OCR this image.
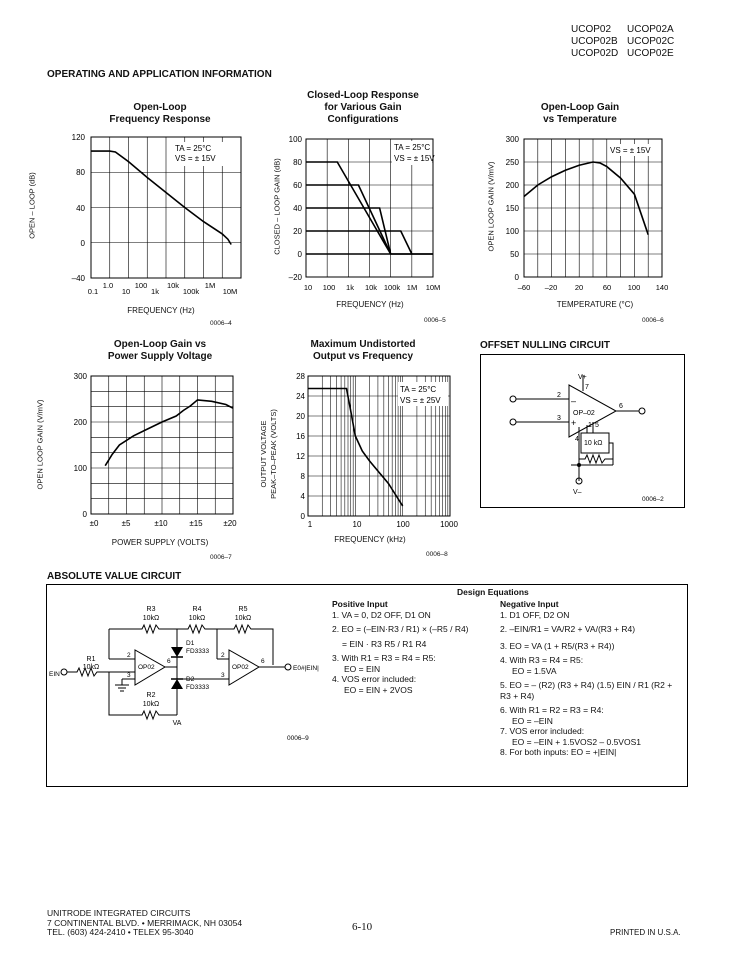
UCOP02 UCOP02A
UCOP02B UCOP02C
UCOP02D UCOP02E
OPERATING AND APPLICATION INFORMATION
Open-Loop
Frequency Response
OPEN – LOOP (dB)
TA = 25°C
VS = ± 15V
120
80
40
0
–40
0.1
1.0
10
100
1k
10k
100k
1M
10M
FREQUENCY (Hz)
0006–4
Closed-Loop Response
for Various Gain
Configurations
CLOSED – LOOP GAIN (dB)
TA = 25°C
VS = ± 15V
100
80
60
40
20
0
–20
10 100 1k 10k 100k 1M 10M
FREQUENCY (Hz)
0006–5
Open-Loop Gain
vs Temperature
OPEN LOOP GAIN (V/mV)
VS = ± 15V
300
250
200
150
100
50
0
–60 –20 20	60 100 140
TEMPERATURE (°C)
0006–6
Open-Loop Gain vs
Power Supply Voltage
OPEN LOOP GAIN (V/mV)
300
200
100
0
±0	±5	±10	±15	±20
POWER SUPPLY (VOLTS)
0006–7
Maximum Undistorted
Output vs Frequency
OUTPUT VOLTAGE PEAK–TO–PEAK (VOLTS)
TA = 25°C
VS = ± 25V
28
24
20
16
12
8
4
0
1	10	100	1000
FREQUENCY (kHz)
0006–8
OFFSET NULLING CIRCUIT
V+
V–
OP–02
–
+
2
3
7
6
4
1 5
10 kΩ
0006–2
ABSOLUTE VALUE CIRCUIT
R3
10kΩ
R4
10kΩ
R5
10kΩ
R1
10kΩ
R2
10kΩ
VA
D1
FD3333
D2
FD3333
OP02	OP02
2
3
6
2
3
6
EIN
E0#|EIN|
0006–9
Design Equations
Positive Input
1. VA = 0, D2 OFF, D1 ON
2. EO = (–EIN·R3 / R1) × (–R5 / R4)
= EIN · R3 R5 / R1 R4
3. With R1 = R3 = R4 = R5:
EO = EIN
4. VOS error included:
EO = EIN + 2VOS
Negative Input
1. D1 OFF, D2 ON
2. –EIN/R1 = VA/R2 + VA/(R3 + R4)
3. EO = VA (1 + R5/(R3 + R4))
4. With R3 = R4 = R5:
EO = 1.5VA
5. EO = – (R2) (R3 + R4) (1.5) EIN / R1 (R2 + R3 + R4)
6. With R1 = R2 = R3 = R4:
EO = –EIN
7. VOS error included:
EO = –EIN + 1.5VOS2 – 0.5VOS1
8. For both inputs: EO = +|EIN|
UNITRODE INTEGRATED CIRCUITS
7 CONTINENTAL BLVD. • MERRIMACK, NH 03054
TEL. (603) 424-2410 • TELEX 95-3040	6-10	PRINTED IN U.S.A.
